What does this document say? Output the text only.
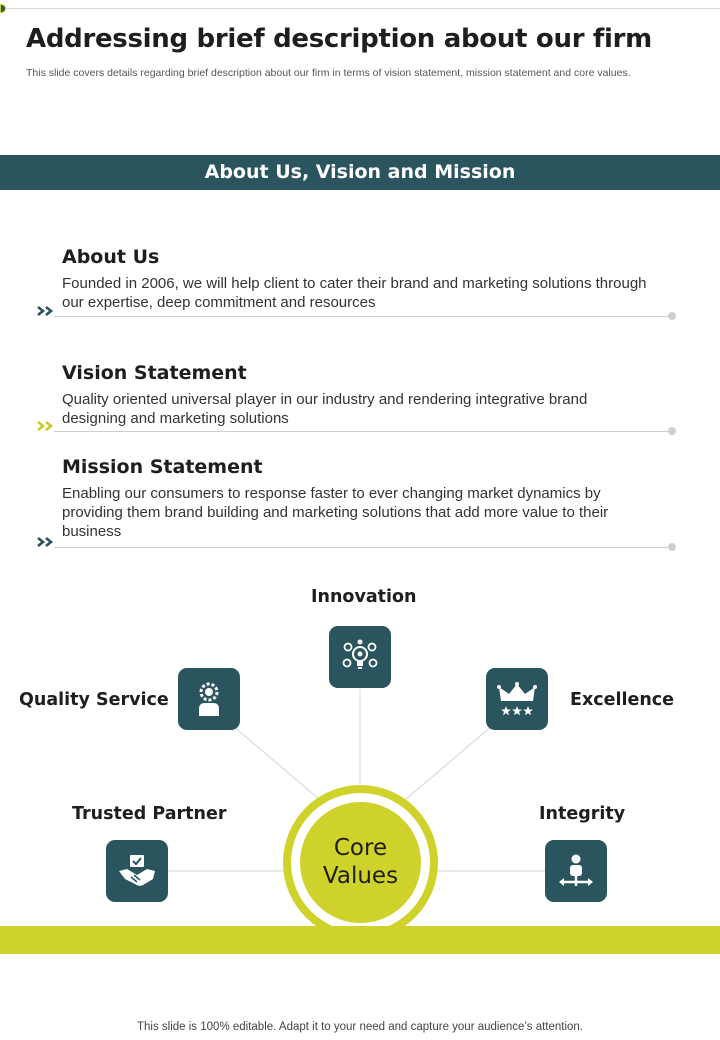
Addressing brief description about our firm

This slide covers details regarding brief description about our firm in terms of vision statement, mission statement and core values.

About Us, Vision and Mission
About Us
Founded in 2006, we will help client to cater their brand and marketing solutions through our expertise, deep commitment and resources
Vision Statement
Quality oriented universal player in our industry and rendering integrative brand designing and marketing solutions
Mission Statement
Enabling our consumers to response faster to ever changing market dynamics by providing them brand building and marketing solutions that add more value to their business
Innovation
Quality Service	Excellence
Trusted Partner	Integrity
Core
Values
This slide is 100% editable. Adapt it to your need and capture your audience’s attention.
